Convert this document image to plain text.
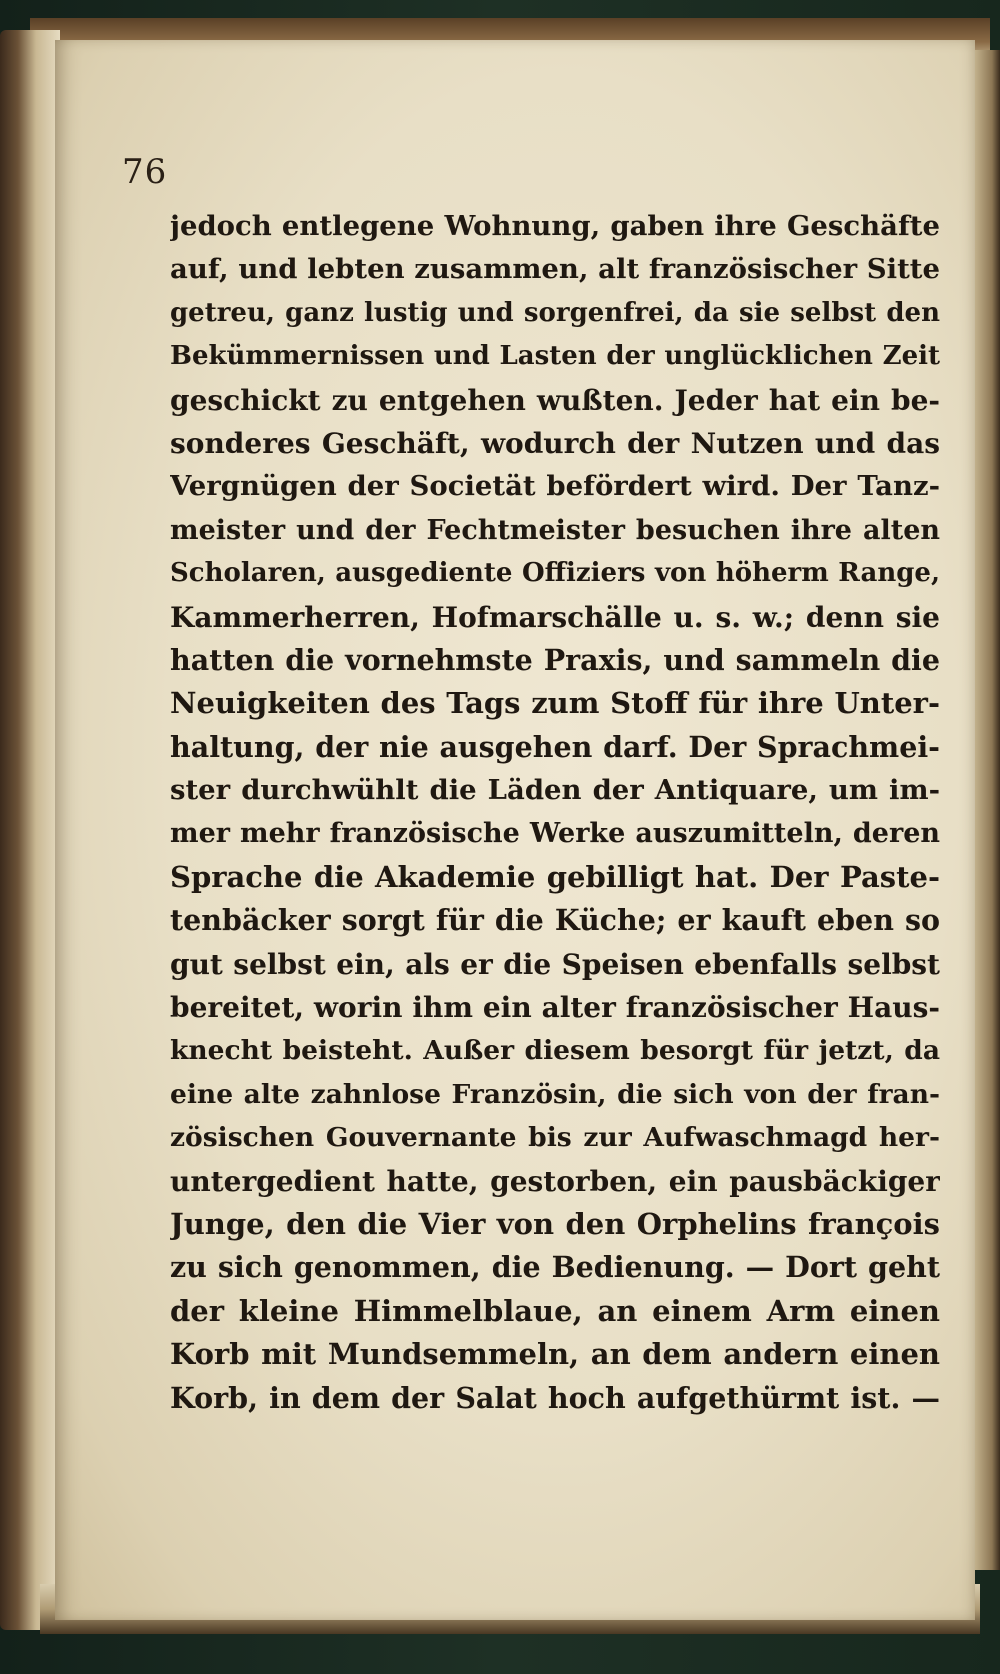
76
jedoch entlegene Wohnung, gaben ihre Geschäfte
auf, und lebten zusammen, alt französischer Sitte
getreu, ganz lustig und sorgenfrei, da sie selbst den
Bekümmernissen und Lasten der unglücklichen Zeit
geschickt zu entgehen wußten. Jeder hat ein be-
sonderes Geschäft, wodurch der Nutzen und das
Vergnügen der Societät befördert wird. Der Tanz-
meister und der Fechtmeister besuchen ihre alten
Scholaren, ausgediente Offiziers von höherm Range,
Kammerherren, Hofmarschälle u. s. w.; denn sie
hatten die vornehmste Praxis, und sammeln die
Neuigkeiten des Tags zum Stoff für ihre Unter-
haltung, der nie ausgehen darf. Der Sprachmei-
ster durchwühlt die Läden der Antiquare, um im-
mer mehr französische Werke auszumitteln, deren
Sprache die Akademie gebilligt hat. Der Paste-
tenbäcker sorgt für die Küche; er kauft eben so
gut selbst ein, als er die Speisen ebenfalls selbst
bereitet, worin ihm ein alter französischer Haus-
knecht beisteht. Außer diesem besorgt für jetzt, da
eine alte zahnlose Französin, die sich von der fran-
zösischen Gouvernante bis zur Aufwaschmagd her-
untergedient hatte, gestorben, ein pausbäckiger
Junge, den die Vier von den Orphelins françois
zu sich genommen, die Bedienung. — Dort geht
der kleine Himmelblaue, an einem Arm einen
Korb mit Mundsemmeln, an dem andern einen
Korb, in dem der Salat hoch aufgethürmt ist. —
